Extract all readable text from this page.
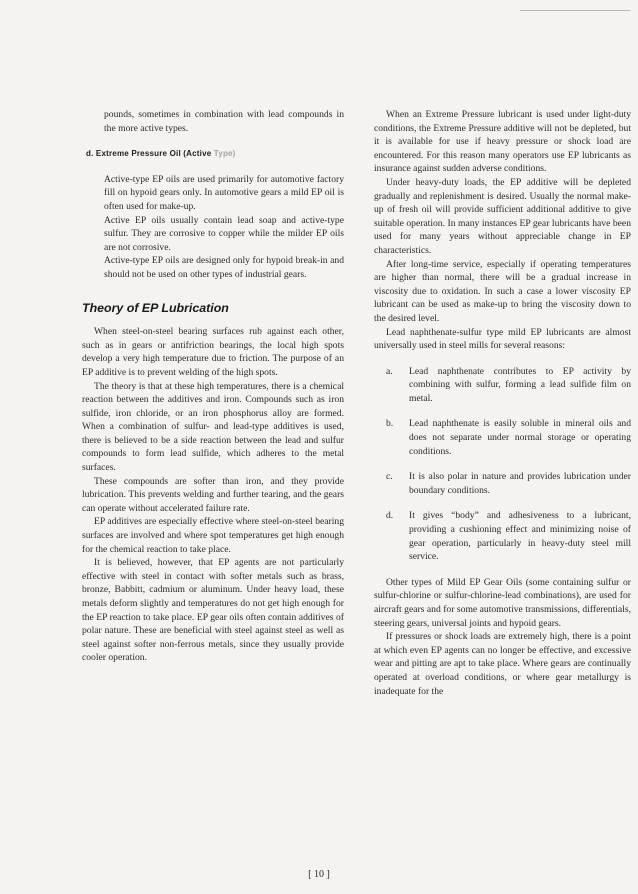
pounds, sometimes in combination with lead compounds in the more active types.

d. Extreme Pressure Oil (Active Type)

Active-type EP oils are used primarily for automotive factory fill on hypoid gears only. In automotive gears a mild EP oil is often used for make-up.

Active EP oils usually contain lead soap and active-type sulfur. They are corrosive to copper while the milder EP oils are not corrosive.

Active-type EP oils are designed only for hypoid break-in and should not be used on other types of industrial gears.

Theory of EP Lubrication

When steel-on-steel bearing surfaces rub against each other, such as in gears or antifriction bearings, the local high spots develop a very high temperature due to friction. The purpose of an EP additive is to prevent welding of the high spots.

The theory is that at these high temperatures, there is a chemical reaction between the additives and iron. Compounds such as iron sulfide, iron chloride, or an iron phosphorus alloy are formed. When a combination of sulfur- and lead-type additives is used, there is believed to be a side reaction between the lead and sulfur compounds to form lead sulfide, which adheres to the metal surfaces.

These compounds are softer than iron, and they provide lubrication. This prevents welding and further tearing, and the gears can operate without accelerated failure rate.

EP additives are especially effective where steel-on-steel bearing surfaces are involved and where spot temperatures get high enough for the chemical reaction to take place.

It is believed, however, that EP agents are not particularly effective with steel in contact with softer metals such as brass, bronze, Babbitt, cadmium or aluminum. Under heavy load, these metals deform slightly and temperatures do not get high enough for the EP reaction to take place. EP gear oils often contain additives of polar nature. These are beneficial with steel against steel as well as steel against softer non-ferrous metals, since they usually provide cooler operation.

When an Extreme Pressure lubricant is used under light-duty conditions, the Extreme Pressure additive will not be depleted, but it is available for use if heavy pressure or shock load are encountered. For this reason many operators use EP lubricants as insurance against sudden adverse conditions.

Under heavy-duty loads, the EP additive will be depleted gradually and replenishment is desired. Usually the normal make-up of fresh oil will provide sufficient additional additive to give suitable operation. In many instances EP gear lubricants have been used for many years without appreciable change in EP characteristics.

After long-time service, especially if operating temperatures are higher than normal, there will be a gradual increase in viscosity due to oxidation. In such a case a lower viscosity EP lubricant can be used as make-up to bring the viscosity down to the desired level.

Lead naphthenate-sulfur type mild EP lubricants are almost universally used in steel mills for several reasons:

a.	Lead naphthenate contributes to EP activity by combining with sulfur, forming a lead sulfide film on metal.
b.	Lead naphthenate is easily soluble in mineral oils and does not separate under normal storage or operating conditions.
c.	It is also polar in nature and provides lubrication under boundary conditions.
d.	It gives “body” and adhesiveness to a lubricant, providing a cushioning effect and minimizing noise of gear operation, particularly in heavy-duty steel mill service.

Other types of Mild EP Gear Oils (some containing sulfur or sulfur-chlorine or sulfur-chlorine-lead combinations), are used for aircraft gears and for some automotive transmissions, differentials, steering gears, universal joints and hypoid gears.

If pressures or shock loads are extremely high, there is a point at which even EP agents can no longer be effective, and excessive wear and pitting are apt to take place. Where gears are continually operated at overload conditions, or where gear metallurgy is inadequate for the

[ 10 ]
